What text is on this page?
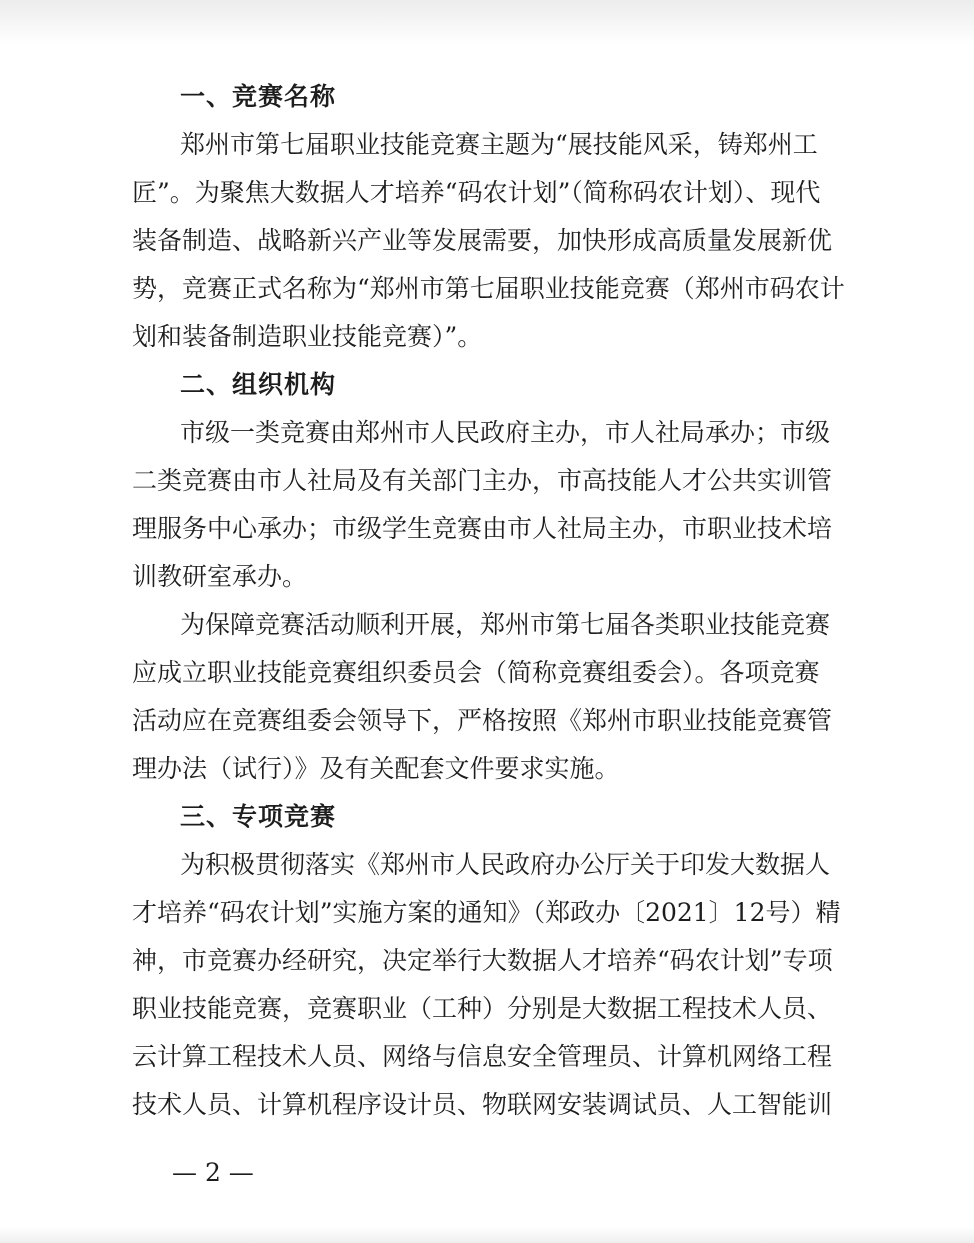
一、竞赛名称
郑州市第七届职业技能竞赛主题为“展技能风采，铸郑州工
匠”。为聚焦大数据人才培养“码农计划”（简称码农计划）、现代
装备制造、战略新兴产业等发展需要，加快形成高质量发展新优
势，竞赛正式名称为“郑州市第七届职业技能竞赛（郑州市码农计
划和装备制造职业技能竞赛）”。
二、组织机构
市级一类竞赛由郑州市人民政府主办，市人社局承办；市级
二类竞赛由市人社局及有关部门主办，市高技能人才公共实训管
理服务中心承办；市级学生竞赛由市人社局主办，市职业技术培
训教研室承办。
为保障竞赛活动顺利开展，郑州市第七届各类职业技能竞赛
应成立职业技能竞赛组织委员会（简称竞赛组委会）。各项竞赛
活动应在竞赛组委会领导下，严格按照《郑州市职业技能竞赛管
理办法（试行）》及有关配套文件要求实施。
三、专项竞赛
为积极贯彻落实《郑州市人民政府办公厅关于印发大数据人
才培养“码农计划”实施方案的通知》（郑政办〔2021〕12号）精
神，市竞赛办经研究，决定举行大数据人才培养“码农计划”专项
职业技能竞赛，竞赛职业（工种）分别是大数据工程技术人员、
云计算工程技术人员、网络与信息安全管理员、计算机网络工程
技术人员、计算机程序设计员、物联网安装调试员、人工智能训
— 2 —
